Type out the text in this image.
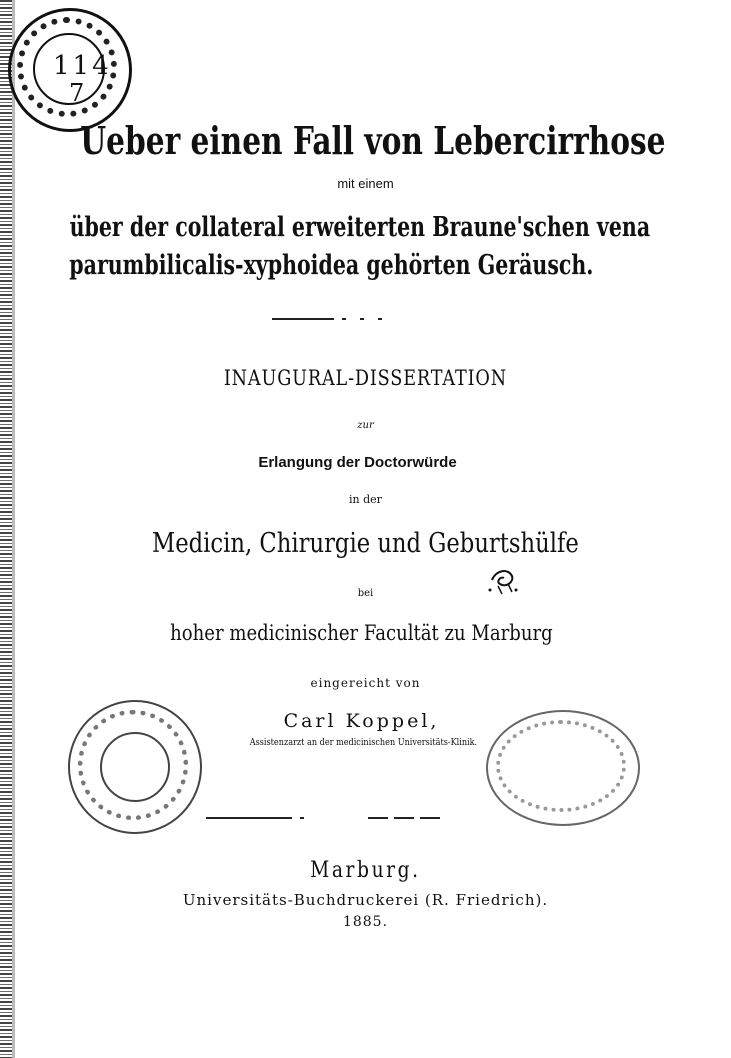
114
7
Ueber einen Fall von Lebercirrhose
mit einem
über der collateral erweiterten Braune'schen vena
parumbilicalis-xyphoidea gehörten Geräusch.
INAUGURAL-DISSERTATION
zur
Erlangung der Doctorwürde
in der
Medicin, Chirurgie und Geburtshülfe
bei
hoher medicinischer Facultät zu Marburg
eingereicht von
Carl Koppel,
Assistenzarzt an der medicinischen Universitäts-Klinik.
Marburg.
Universitäts-Buchdruckerei (R. Friedrich).
1885.
